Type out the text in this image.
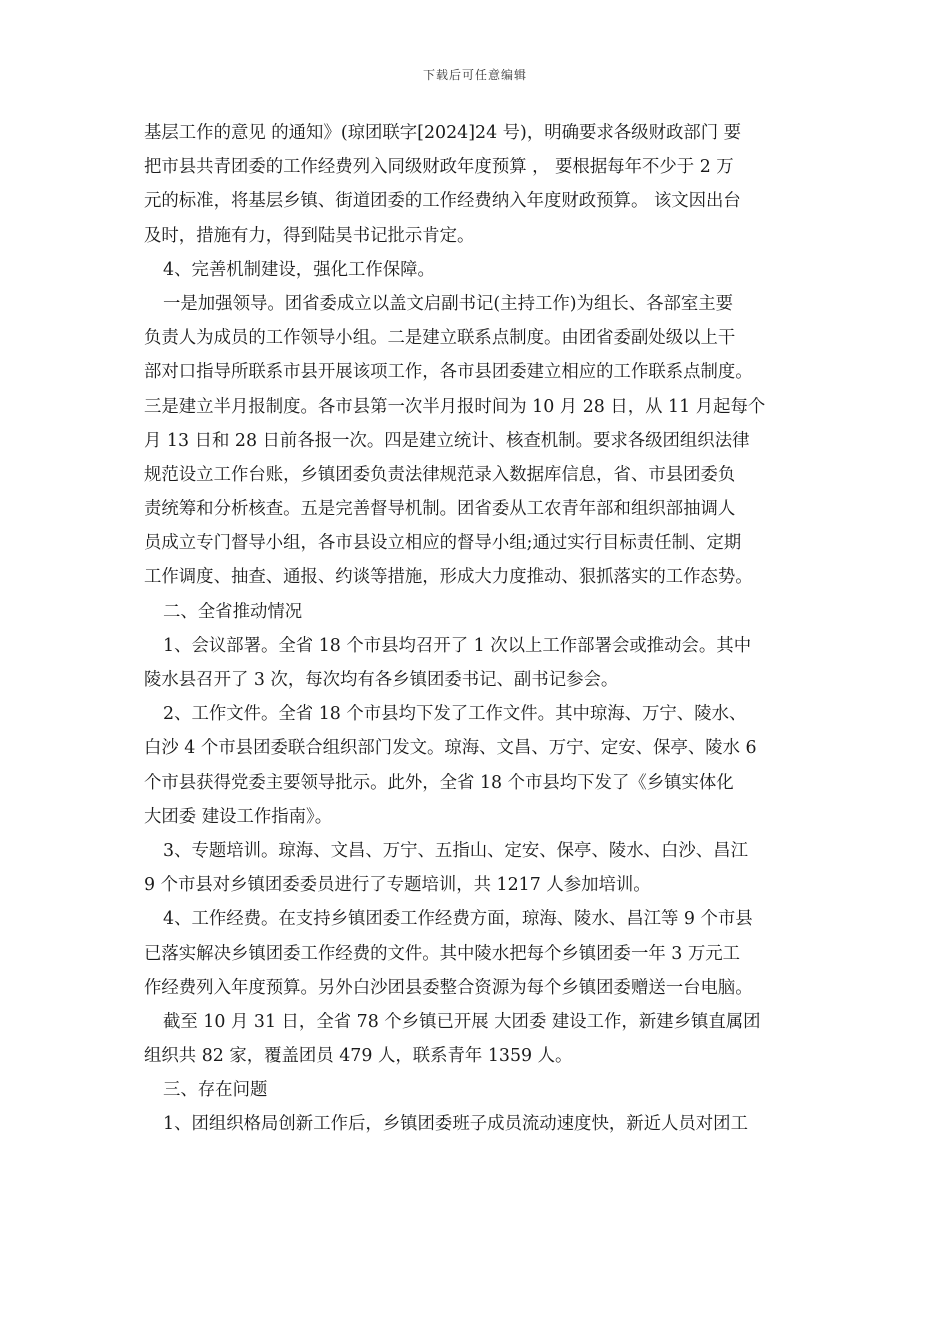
下载后可任意编辑
基层工作的意见 的通知》(琼团联字[2024]24 号)，明确要求各级财政部门 要
把市县共青团委的工作经费列入同级财政年度预算 ， 要根据每年不少于 2 万
元的标准，将基层乡镇、街道团委的工作经费纳入年度财政预算。 该文因出台
及时，措施有力，得到陆昊书记批示肯定。
4、完善机制建设，强化工作保障。
一是加强领导。团省委成立以盖文启副书记(主持工作)为组长、各部室主要
负责人为成员的工作领导小组。二是建立联系点制度。由团省委副处级以上干
部对口指导所联系市县开展该项工作，各市县团委建立相应的工作联系点制度。
三是建立半月报制度。各市县第一次半月报时间为 10 月 28 日，从 11 月起每个
月 13 日和 28 日前各报一次。四是建立统计、核查机制。要求各级团组织法律
规范设立工作台账，乡镇团委负责法律规范录入数据库信息，省、市县团委负
责统筹和分析核查。五是完善督导机制。团省委从工农青年部和组织部抽调人
员成立专门督导小组，各市县设立相应的督导小组;通过实行目标责任制、定期
工作调度、抽查、通报、约谈等措施，形成大力度推动、狠抓落实的工作态势。
二、全省推动情况
1、会议部署。全省 18 个市县均召开了 1 次以上工作部署会或推动会。其中
陵水县召开了 3 次，每次均有各乡镇团委书记、副书记参会。
2、工作文件。全省 18 个市县均下发了工作文件。其中琼海、万宁、陵水、
白沙 4 个市县团委联合组织部门发文。琼海、文昌、万宁、定安、保亭、陵水 6
个市县获得党委主要领导批示。此外，全省 18 个市县均下发了《乡镇实体化
大团委 建设工作指南》。
3、专题培训。琼海、文昌、万宁、五指山、定安、保亭、陵水、白沙、昌江
9 个市县对乡镇团委委员进行了专题培训，共 1217 人参加培训。
4、工作经费。在支持乡镇团委工作经费方面，琼海、陵水、昌江等 9 个市县
已落实解决乡镇团委工作经费的文件。其中陵水把每个乡镇团委一年 3 万元工
作经费列入年度预算。另外白沙团县委整合资源为每个乡镇团委赠送一台电脑。
截至 10 月 31 日，全省 78 个乡镇已开展 大团委 建设工作，新建乡镇直属团
组织共 82 家，覆盖团员 479 人，联系青年 1359 人。
三、存在问题
1、团组织格局创新工作后，乡镇团委班子成员流动速度快，新近人员对团工
